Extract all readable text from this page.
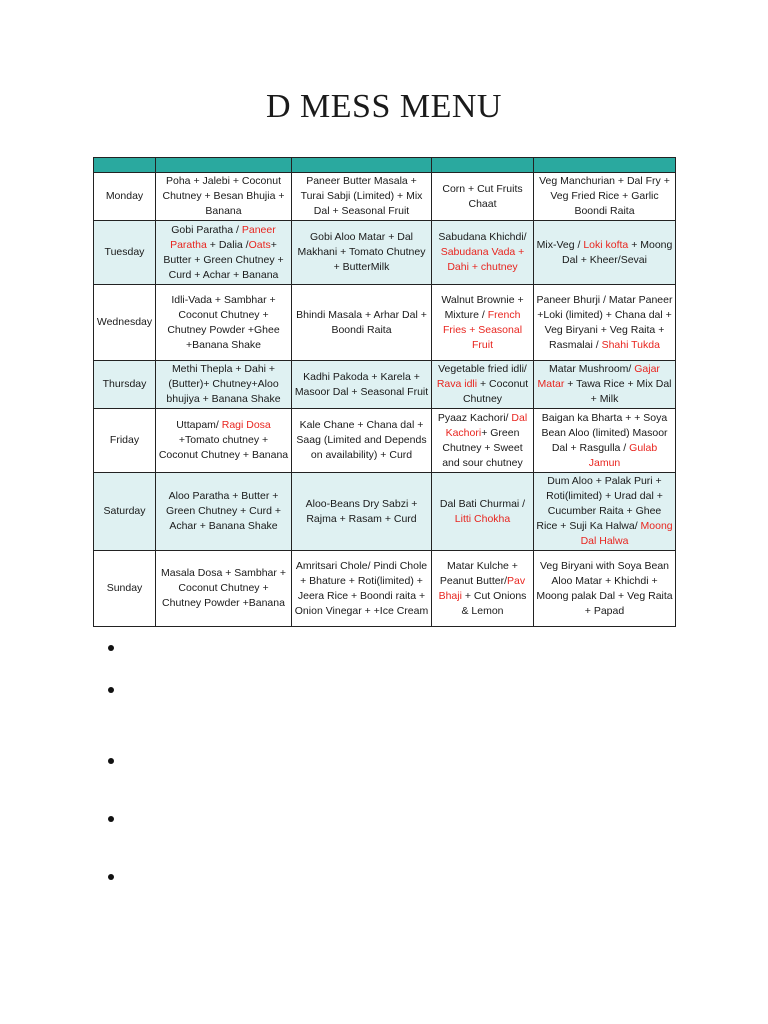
D MESS MENU

Monday	Poha + Jalebi + Coconut Chutney + Besan Bhujia + Banana	Paneer Butter Masala + Turai Sabji (Limited) + Mix Dal + Seasonal Fruit	Corn + Cut Fruits Chaat	Veg Manchurian + Dal Fry + Veg Fried Rice + Garlic Boondi Raita
Tuesday	Gobi Paratha / Paneer Paratha + Dalia /Oats+ Butter + Green Chutney + Curd + Achar + Banana	Gobi Aloo Matar + Dal Makhani + Tomato Chutney + ButterMilk	Sabudana Khichdi/ Sabudana Vada + Dahi + chutney	Mix-Veg / Loki kofta + Moong Dal + Kheer/Sevai
Wednesday	Idli-Vada + Sambhar + Coconut Chutney + Chutney Powder +Ghee +Banana Shake	Bhindi Masala + Arhar Dal + Boondi Raita	Walnut Brownie + Mixture / French Fries + Seasonal Fruit	Paneer Bhurji / Matar Paneer +Loki (limited) + Chana dal + Veg Biryani + Veg Raita + Rasmalai / Shahi Tukda
Thursday	Methi Thepla + Dahi + (Butter)+ Chutney+Aloo bhujiya + Banana Shake	Kadhi Pakoda + Karela + Masoor Dal + Seasonal Fruit	Vegetable fried idli/ Rava idli + Coconut Chutney	Matar Mushroom/ Gajar Matar + Tawa Rice + Mix Dal + Milk
Friday	Uttapam/ Ragi Dosa +Tomato chutney + Coconut Chutney + Banana	Kale Chane + Chana dal + Saag (Limited and Depends on availability) + Curd	Pyaaz Kachori/ Dal Kachori+ Green Chutney + Sweet and sour chutney	Baigan ka Bharta + + Soya Bean Aloo (limited) Masoor Dal + Rasgulla / Gulab Jamun
Saturday	Aloo Paratha + Butter + Green Chutney + Curd + Achar + Banana Shake	Aloo-Beans Dry Sabzi + Rajma + Rasam + Curd	Dal Bati Churmai / Litti Chokha	Dum Aloo + Palak Puri + Roti(limited) + Urad dal + Cucumber Raita + Ghee Rice + Suji Ka Halwa/ Moong Dal Halwa
Sunday	Masala Dosa + Sambhar + Coconut Chutney + Chutney Powder +Banana	Amritsari Chole/ Pindi Chole + Bhature + Roti(limited) + Jeera Rice + Boondi raita + Onion Vinegar + +Ice Cream	Matar Kulche + Peanut Butter/Pav Bhaji + Cut Onions & Lemon	Veg Biryani with Soya Bean Aloo Matar + Khichdi + Moong palak Dal + Veg Raita + Papad
